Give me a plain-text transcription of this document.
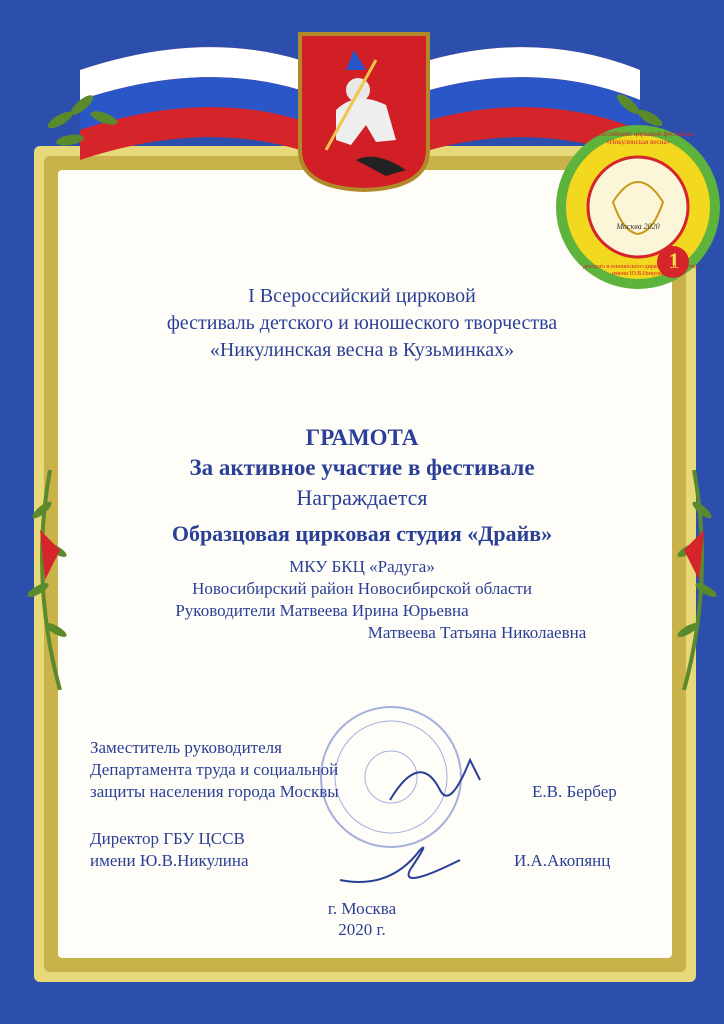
1
Москва 2020
I Всероссийский цирковой фестиваль «Никулинская весна»
детского и юношеского циркового искусства имени Ю.В.Никулина
I Всероссийский цирковой
фестиваль детского и юношеского творчества
«Никулинская весна в Кузьминках»
ГРАМОТА
За активное участие в фестивале
Награждается
Образцовая цирковая студия «Драйв»
МКУ БКЦ «Радуга»
Новосибирский район Новосибирской области
Руководители Матвеева Ирина Юрьевна
Матвеева Татьяна Николаевна
Заместитель руководителя
Департамента труда и социальной
защиты населения города Москвы	Е.В. Бербер
Директор ГБУ ЦССВ
имени Ю.В.Никулина	И.А.Акопянц
г. Москва
2020 г.
